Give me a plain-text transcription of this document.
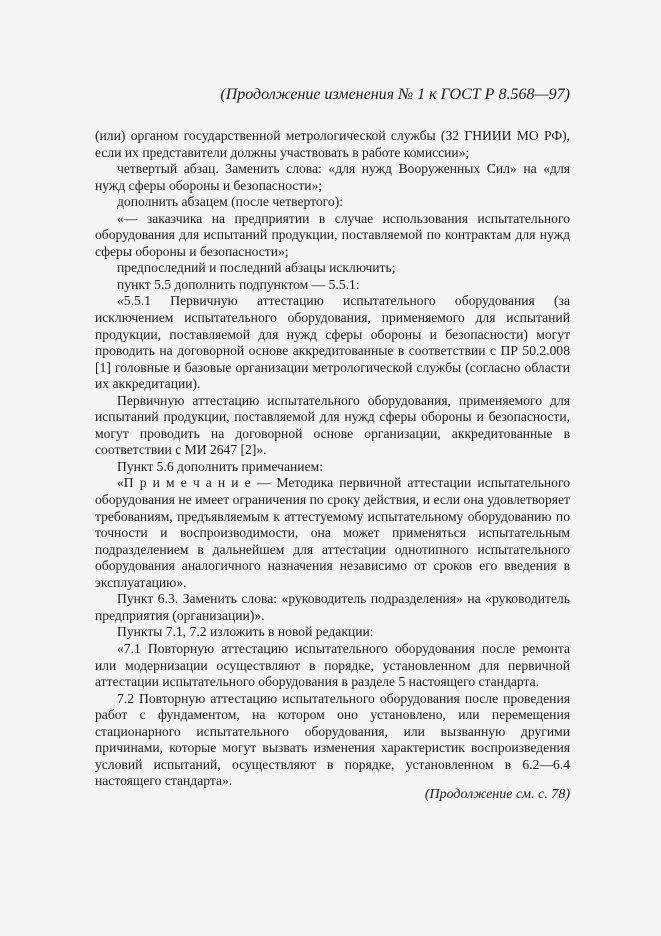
(Продолжение изменения № 1 к ГОСТ Р 8.568—97)

(или) органом государственной метрологической службы (32 ГНИИИ МО РФ), если их представители должны участвовать в работе комиссии»;

четвертый абзац. Заменить слова: «для нужд Вооруженных Сил» на «для нужд сферы обороны и безопасности»;

дополнить абзацем (после четвертого):

«— заказчика на предприятии в случае использования испытательного оборудования для испытаний продукции, поставляемой по контрактам для нужд сферы обороны и безопасности»;

предпоследний и последний абзацы исключить;

пункт 5.5 дополнить подпунктом — 5.5.1:

«5.5.1 Первичную аттестацию испытательного оборудования (за исключением испытательного оборудования, применяемого для испытаний продукции, поставляемой для нужд сферы обороны и безопасности) могут проводить на договорной основе аккредитованные в соответствии с ПР 50.2.008 [1] головные и базовые организации метрологической службы (согласно области их аккредитации).

Первичную аттестацию испытательного оборудования, применяемого для испытаний продукции, поставляемой для нужд сферы обороны и безопасности, могут проводить на договорной основе организации, аккредитованные в соответствии с МИ 2647 [2]».

Пункт 5.6 дополнить примечанием:

«П р и м е ч а н и е — Методика первичной аттестации испытательного оборудования не имеет ограничения по сроку действия, и если она удовлетворяет требованиям, предъявляемым к аттестуемому испытательному оборудованию по точности и воспроизводимости, она может применяться испытательным подразделением в дальнейшем для аттестации однотипного испытательного оборудования аналогичного назначения независимо от сроков его введения в эксплуатацию».

Пункт 6.3. Заменить слова: «руководитель подразделения» на «руководитель предприятия (организации)».

Пункты 7.1, 7.2 изложить в новой редакции:

«7.1 Повторную аттестацию испытательного оборудования после ремонта или модернизации осуществляют в порядке, установленном для первичной аттестации испытательного оборудования в разделе 5 настоящего стандарта.

7.2 Повторную аттестацию испытательного оборудования после проведения работ с фундаментом, на котором оно установлено, или перемещения стационарного испытательного оборудования, или вызванную другими причинами, которые могут вызвать изменения характеристик воспроизведения условий испытаний, осуществляют в порядке, установленном в 6.2—6.4 настоящего стандарта».

(Продолжение см. с. 78)
